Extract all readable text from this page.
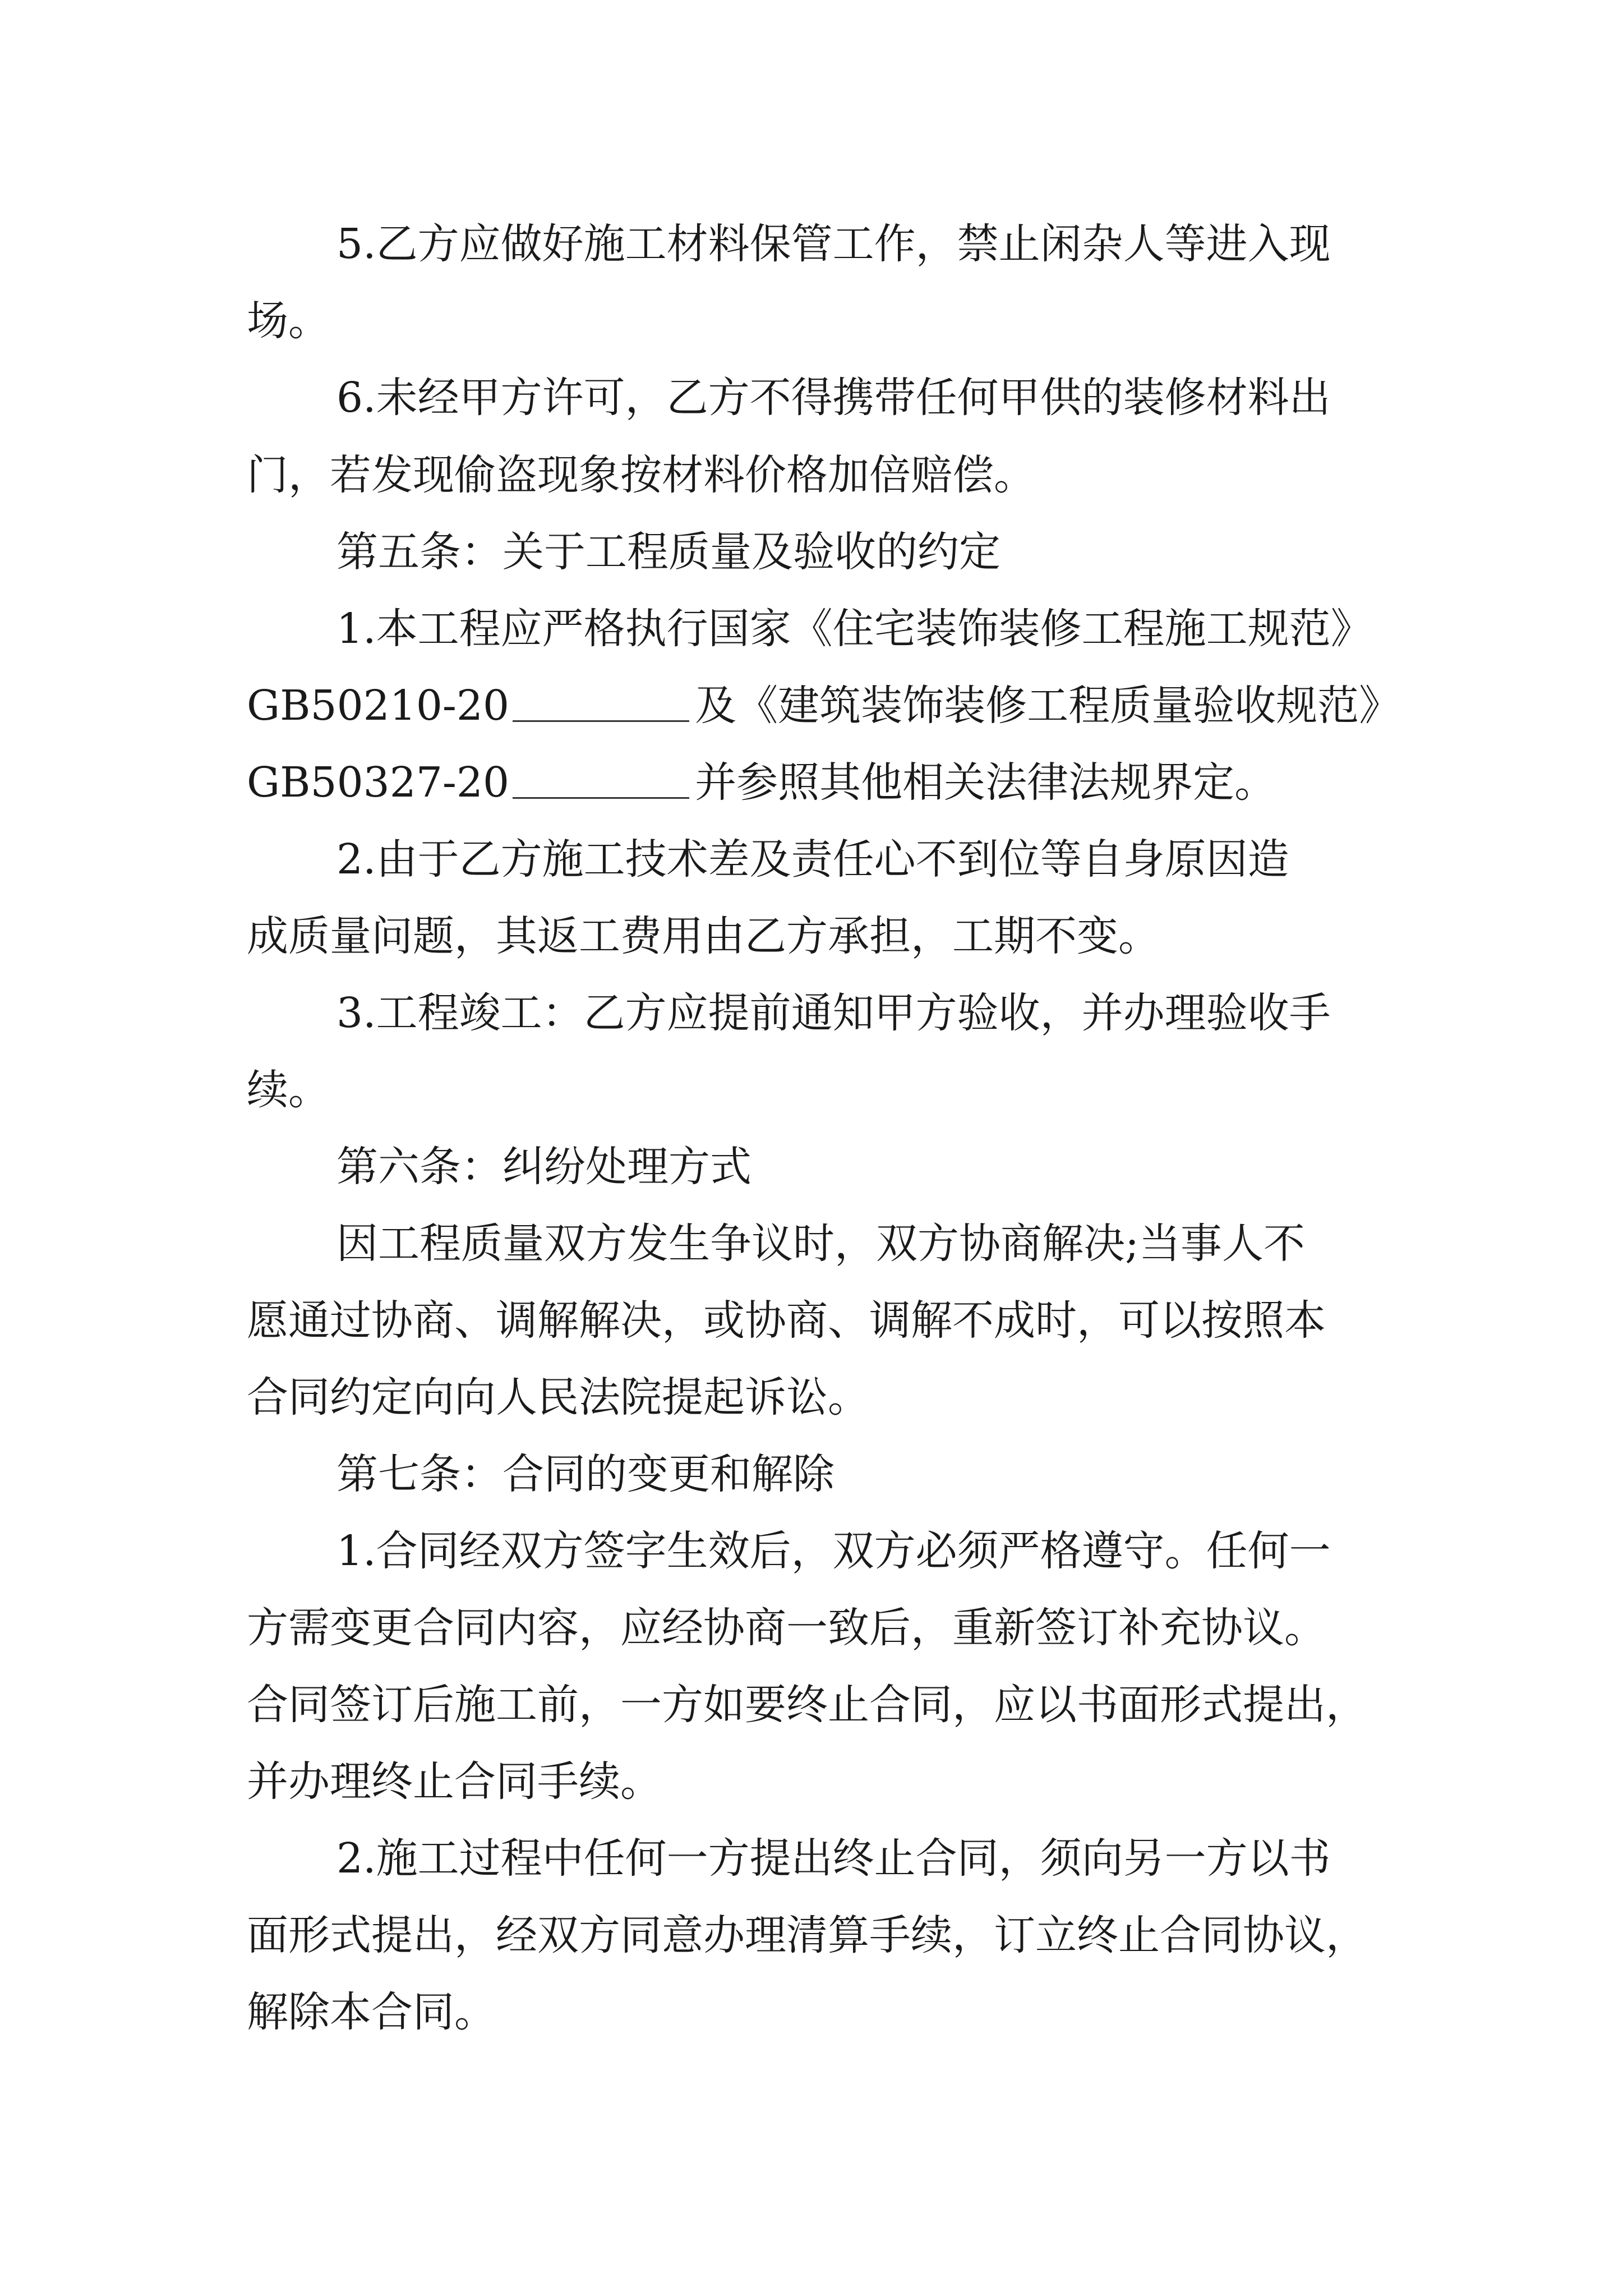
5.乙方应做好施工材料保管工作，禁止闲杂人等进入现
场。
6.未经甲方许可，乙方不得携带任何甲供的装修材料出
门，若发现偷盗现象按材料价格加倍赔偿。
第五条：关于工程质量及验收的约定
1.本工程应严格执行国家《住宅装饰装修工程施工规范》
GB50210-20	及《建筑装饰装修工程质量验收规范》
GB50327-20	并参照其他相关法律法规界定。
2.由于乙方施工技术差及责任心不到位等自身原因造
成质量问题，其返工费用由乙方承担，工期不变。
3.工程竣工：乙方应提前通知甲方验收，并办理验收手
续。
第六条：纠纷处理方式
因工程质量双方发生争议时，双方协商解决;当事人不
愿通过协商、调解解决，或协商、调解不成时，可以按照本
合同约定向向人民法院提起诉讼。
第七条：合同的变更和解除
1.合同经双方签字生效后，双方必须严格遵守。任何一
方需变更合同内容，应经协商一致后，重新签订补充协议。
合同签订后施工前，一方如要终止合同，应以书面形式提出，
并办理终止合同手续。
2.施工过程中任何一方提出终止合同，须向另一方以书
面形式提出，经双方同意办理清算手续，订立终止合同协议，
解除本合同。
